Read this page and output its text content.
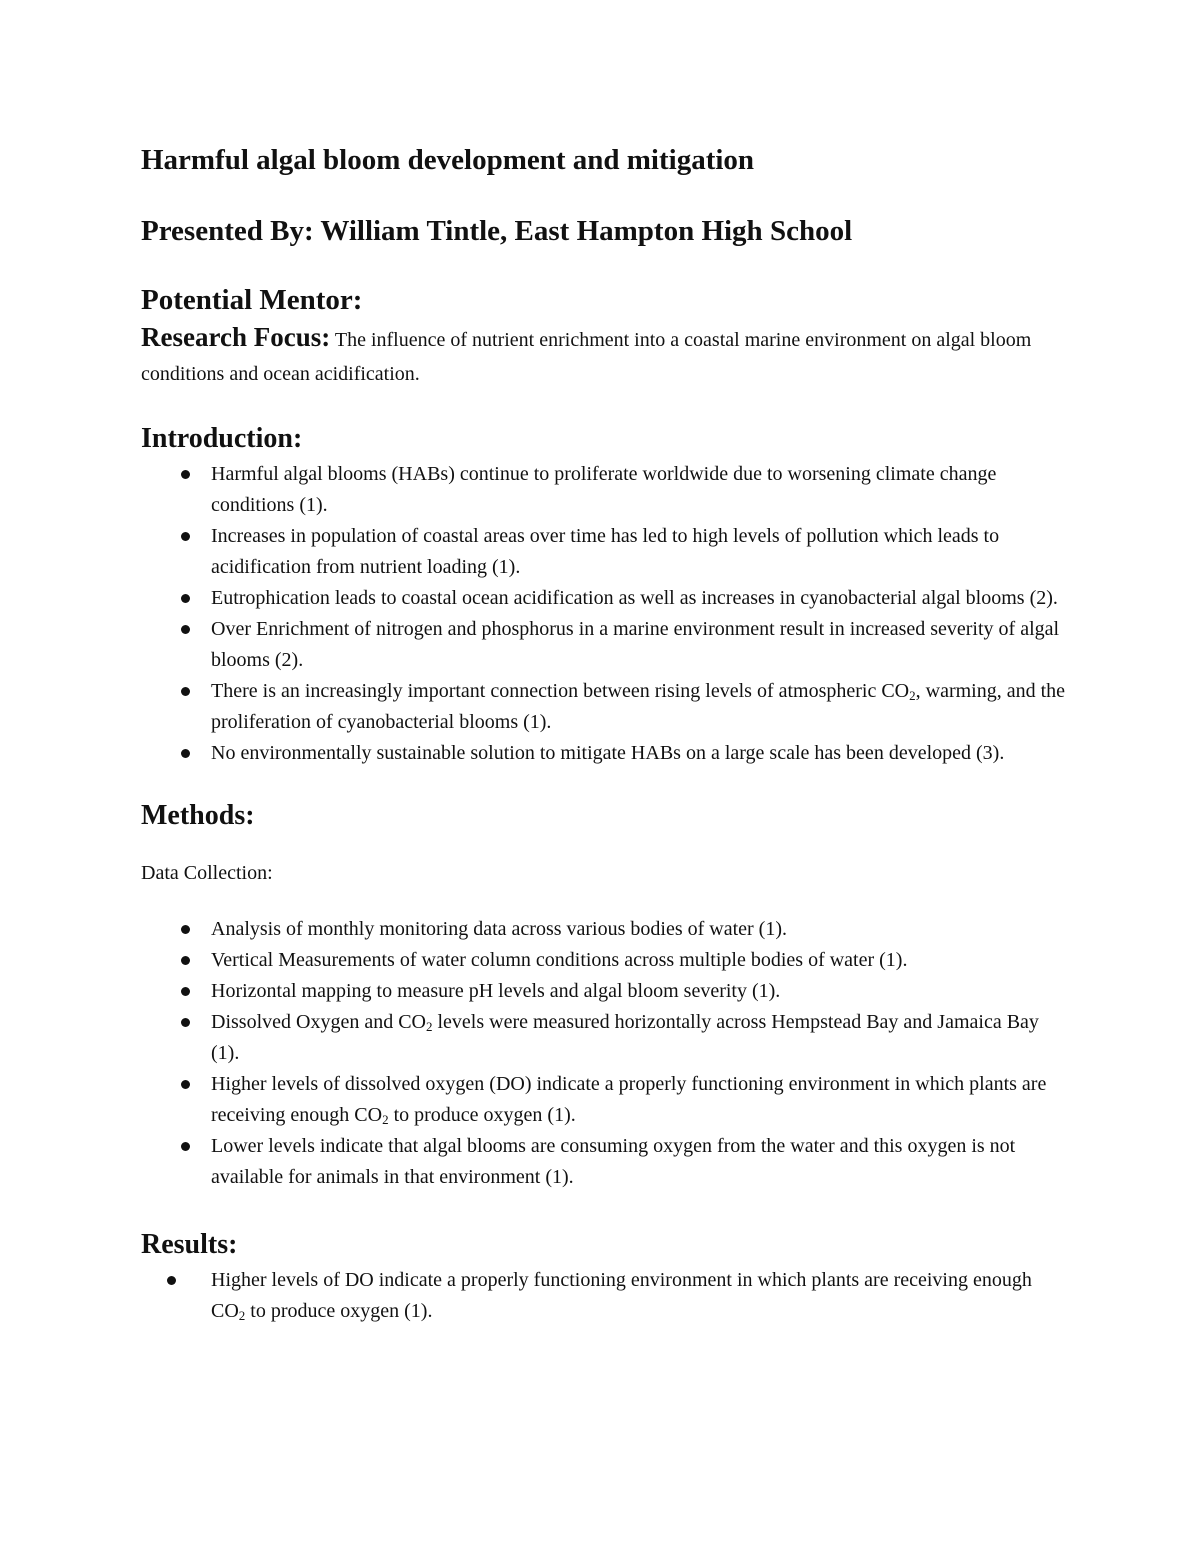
Harmful algal bloom development and mitigation
Presented By: William Tintle, East Hampton High School
Potential Mentor:

Research Focus: The influence of nutrient enrichment into a coastal marine environment on algal bloom conditions and ocean acidification.

Introduction:
Harmful algal blooms (HABs) continue to proliferate worldwide due to worsening climate change conditions (1).
Increases in population of coastal areas over time has led to high levels of pollution which leads to acidification from nutrient loading (1).
Eutrophication leads to coastal ocean acidification as well as increases in cyanobacterial algal blooms (2).
Over Enrichment of nitrogen and phosphorus in a marine environment result in increased severity of algal blooms (2).
There is an increasingly important connection between rising levels of atmospheric $CO_2$, warming, and the proliferation of cyanobacterial blooms (1).
No environmentally sustainable solution to mitigate HABs on a large scale has been developed (3).
Methods:

Data Collection:

Analysis of monthly monitoring data across various bodies of water (1).
Vertical Measurements of water column conditions across multiple bodies of water (1).
Horizontal mapping to measure pH levels and algal bloom severity (1).
Dissolved Oxygen and $CO_2$ levels were measured horizontally across Hempstead Bay and Jamaica Bay (1).
Higher levels of dissolved oxygen (DO) indicate a properly functioning environment in which plants are receiving enough $CO_2$ to produce oxygen (1).
Lower levels indicate that algal blooms are consuming oxygen from the water and this oxygen is not available for animals in that environment (1).
Results:
Higher levels of DO indicate a properly functioning environment in which plants are receiving enough $CO_2$ to produce oxygen (1).
